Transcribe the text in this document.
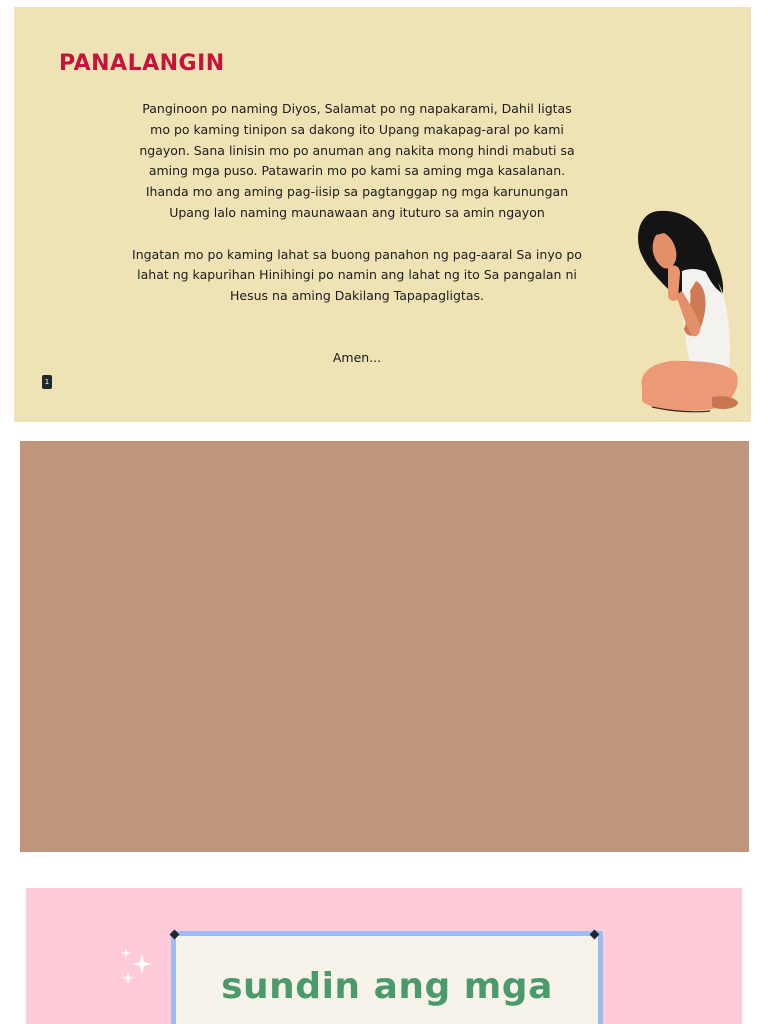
PANALANGIN

Panginoon po naming Diyos, Salamat po ng napakarami, Dahil ligtas mo po kaming tinipon sa dakong ito Upang makapag-aral po kami ngayon. Sana linisin mo po anuman ang nakita mong hindi mabuti sa aming mga puso. Patawarin mo po kami sa aming mga kasalanan. Ihanda mo ang aming pag-iisip sa pagtanggap ng mga karunungan Upang lalo naming maunawaan ang ituturo sa amin ngayon

Ingatan mo po kaming lahat sa buong panahon ng pag-aaral Sa inyo po lahat ng kapurihan Hinihingi po namin ang lahat ng ito Sa pangalan ni Hesus na aming Dakilang Tapapagligtas.

Amen...

1
sundin ang mga
